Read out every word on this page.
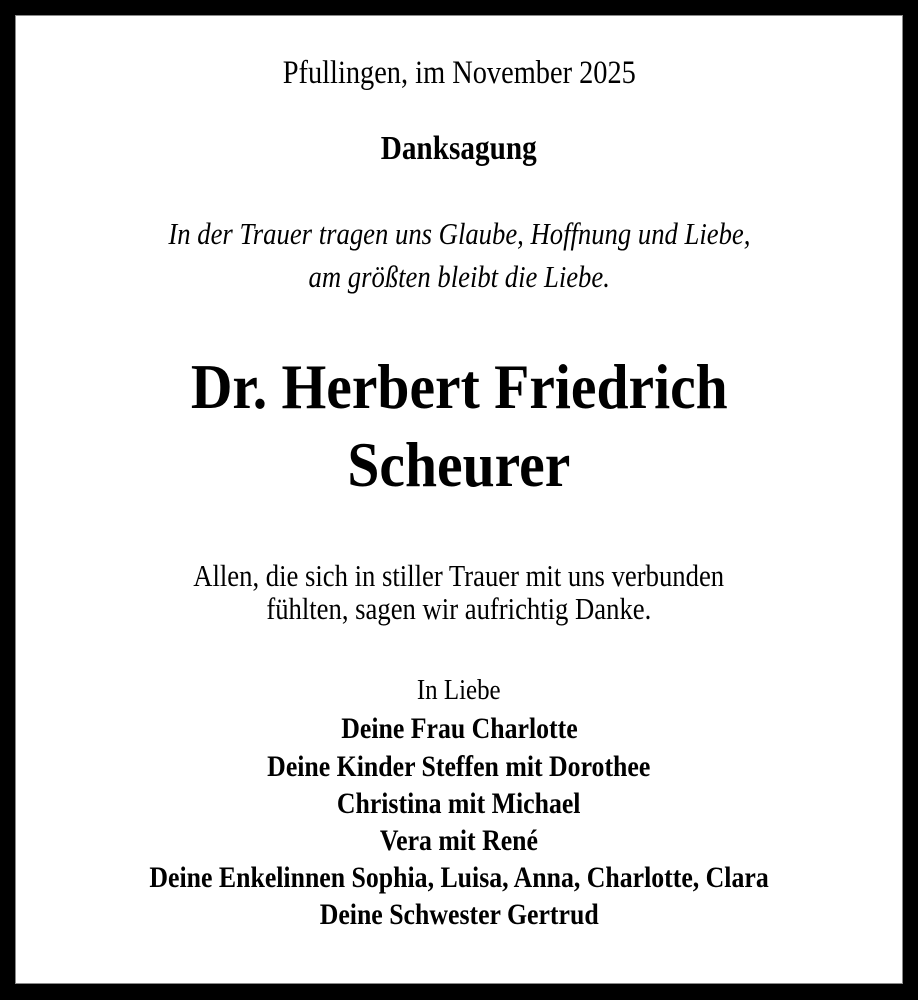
Pfullingen, im November 2025
Danksagung
In der Trauer tragen uns Glaube, Hoffnung und Liebe,
am größten bleibt die Liebe.
Dr. Herbert Friedrich
Scheurer
Allen, die sich in stiller Trauer mit uns verbunden
fühlten, sagen wir aufrichtig Danke.
In Liebe
Deine Frau Charlotte
Deine Kinder Steffen mit Dorothee
Christina mit Michael
Vera mit René
Deine Enkelinnen Sophia, Luisa, Anna, Charlotte, Clara
Deine Schwester Gertrud
